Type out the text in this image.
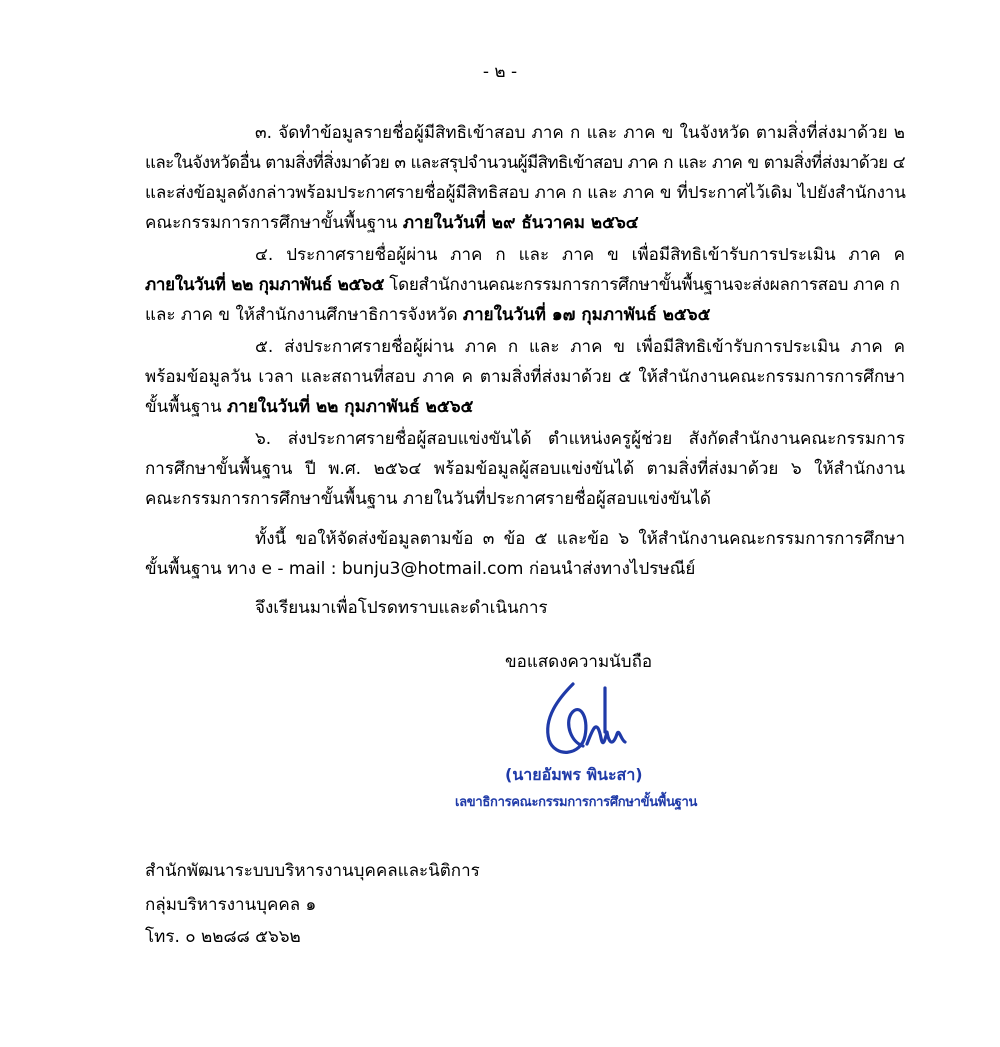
- ๒ -
๓. จัดทำข้อมูลรายชื่อผู้มีสิทธิเข้าสอบ ภาค ก และ ภาค ข ในจังหวัด ตามสิ่งที่ส่งมาด้วย ๒
และในจังหวัดอื่น ตามสิ่งที่สิ่งมาด้วย ๓ และสรุปจำนวนผู้มีสิทธิเข้าสอบ ภาค ก และ ภาค ข ตามสิ่งที่ส่งมาด้วย ๔
และส่งข้อมูลดังกล่าวพร้อมประกาศรายชื่อผู้มีสิทธิสอบ ภาค ก และ ภาค ข ที่ประกาศไว้เดิม ไปยังสำนักงาน
คณะกรรมการการศึกษาขั้นพื้นฐาน ภายในวันที่ ๒๙ ธันวาคม ๒๕๖๔
๔. ประกาศรายชื่อผู้ผ่าน ภาค ก และ ภาค ข เพื่อมีสิทธิเข้ารับการประเมิน ภาค ค
ภายในวันที่ ๒๒ กุมภาพันธ์ ๒๕๖๕ โดยสำนักงานคณะกรรมการการศึกษาขั้นพื้นฐานจะส่งผลการสอบ ภาค ก
และ ภาค ข ให้สำนักงานศึกษาธิการจังหวัด ภายในวันที่ ๑๗ กุมภาพันธ์ ๒๕๖๕
๕. ส่งประกาศรายชื่อผู้ผ่าน ภาค ก และ ภาค ข เพื่อมีสิทธิเข้ารับการประเมิน ภาค ค
พร้อมข้อมูลวัน เวลา และสถานที่สอบ ภาค ค ตามสิ่งที่ส่งมาด้วย ๕ ให้สำนักงานคณะกรรมการการศึกษา
ขั้นพื้นฐาน ภายในวันที่ ๒๒ กุมภาพันธ์ ๒๕๖๕
๖. ส่งประกาศรายชื่อผู้สอบแข่งขันได้ ตำแหน่งครูผู้ช่วย สังกัดสำนักงานคณะกรรมการ
การศึกษาขั้นพื้นฐาน ปี พ.ศ. ๒๕๖๔ พร้อมข้อมูลผู้สอบแข่งขันได้ ตามสิ่งที่ส่งมาด้วย ๖ ให้สำนักงาน
คณะกรรมการการศึกษาขั้นพื้นฐาน ภายในวันที่ประกาศรายชื่อผู้สอบแข่งขันได้
ทั้งนี้ ขอให้จัดส่งข้อมูลตามข้อ ๓ ข้อ ๕ และข้อ ๖ ให้สำนักงานคณะกรรมการการศึกษา
ขั้นพื้นฐาน ทาง e - mail : bunju3@hotmail.com ก่อนนำส่งทางไปรษณีย์
จึงเรียนมาเพื่อโปรดทราบและดำเนินการ
ขอแสดงความนับถือ
(นายอัมพร พินะสา)
เลขาธิการคณะกรรมการการศึกษาขั้นพื้นฐาน
สำนักพัฒนาระบบบริหารงานบุคคลและนิติการ
กลุ่มบริหารงานบุคคล ๑
โทร. ๐ ๒๒๘๘ ๕๖๖๒
